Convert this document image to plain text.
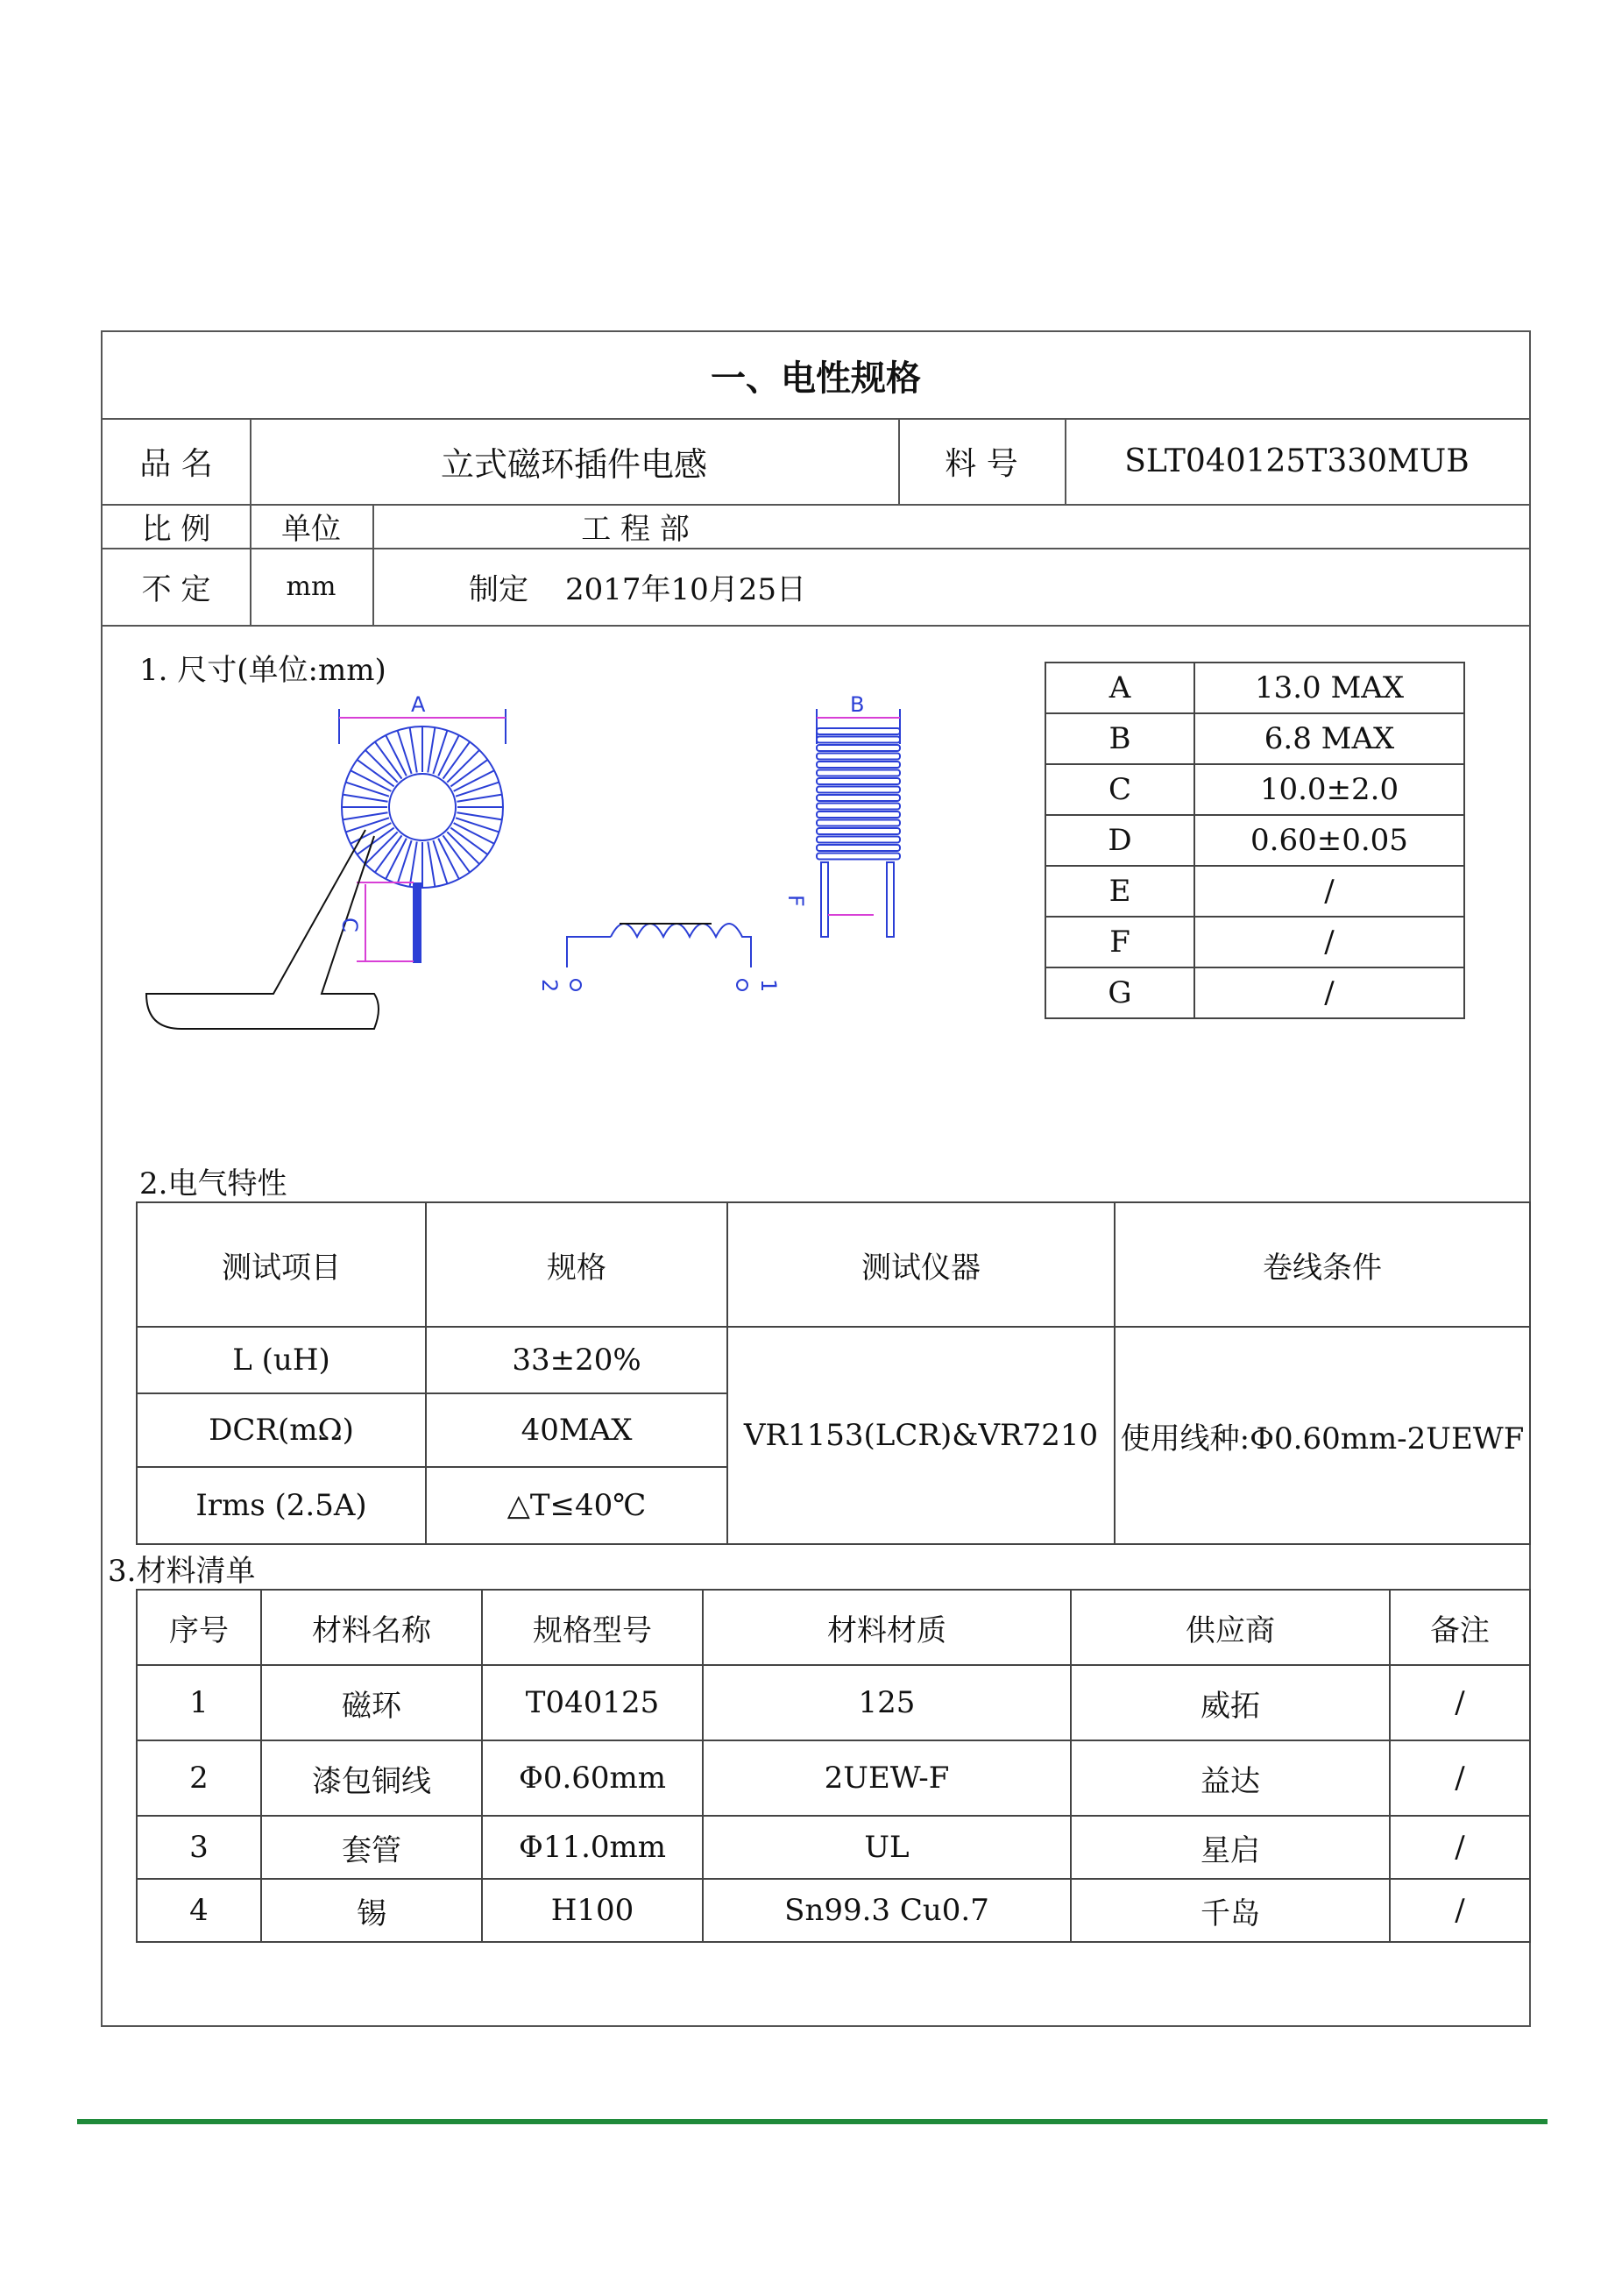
一、电性规格
品 名	立式磁环插件电感	料 号	SLT040125T330MUB
比 例	单位	工 程 部
不 定	mm	制定	2017年10月25日
1. 尺寸(单位:mm)
A
C
2	1
B
F
A	13.0 MAX
B	6.8 MAX
C	10.0±2.0
D	0.60±0.05
E	/
F	/
G	/
2.电气特性
测试项目	规格	测试仪器	卷线条件
L (uH)	33±20%	VR1153(LCR)&VR7210	使用线种:Φ0.60mm-2UEWF
DCR(mΩ)	40MAX		
Irms (2.5A)	△T≤40℃		
3.材料清单
序号	材料名称	规格型号	材料材质	供应商	备注
1	磁环	T040125	125	威拓	/
2	漆包铜线	Φ0.60mm	2UEW-F	益达	/
3	套管	Φ11.0mm	UL	星启	/
4	锡	H100	Sn99.3 Cu0.7	千岛	/
